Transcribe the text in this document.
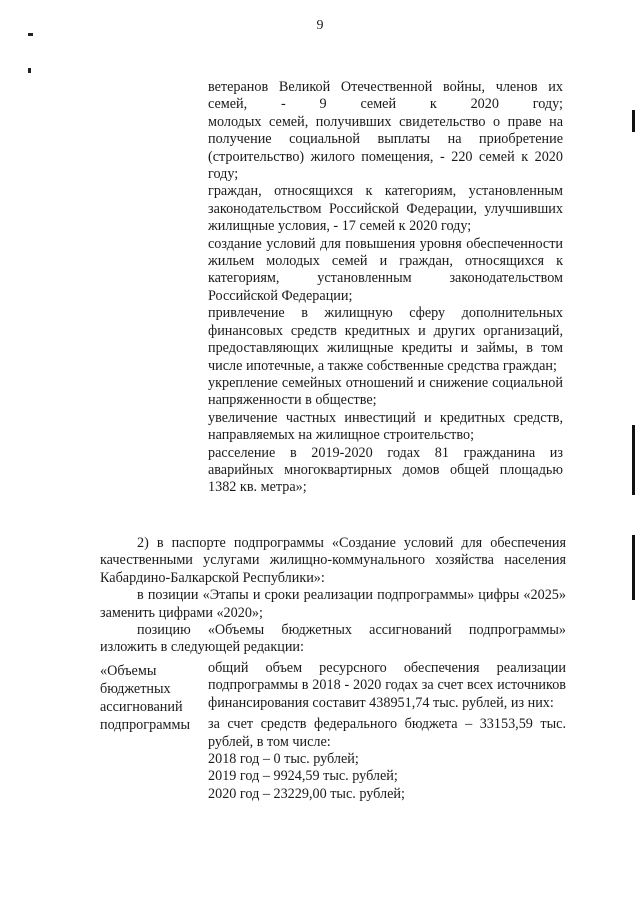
9

ветеранов Великой Отечественной войны, членов их семей, - 9 семей к 2020 году;

молодых семей, получивших свидетельство о праве на получение социальной выплаты на приобретение (строительство) жилого помещения, - 220 семей к 2020 году;

граждан, относящихся к категориям, установленным законодательством Российской Федерации, улучшивших жилищные условия, - 17 семей к 2020 году;

создание условий для повышения уровня обеспеченности жильем молодых семей и граждан, относящихся к категориям, установленным законодательством Российской Федерации;

привлечение в жилищную сферу дополнительных финансовых средств кредитных и других организаций, предоставляющих жилищные кредиты и займы, в том числе ипотечные, а также собственные средства граждан;

укрепление семейных отношений и снижение социальной напряженности в обществе;

увеличение частных инвестиций и кредитных средств, направляемых на жилищное строительство;

расселение в 2019-2020 годах 81 гражданина из аварийных многоквартирных домов общей площадью 1382 кв. метра»;

2) в паспорте подпрограммы «Создание условий для обеспечения качественными услугами жилищно-коммунального хозяйства населения Кабардино-Балкарской Республики»:

в позиции «Этапы и сроки реализации подпрограммы» цифры «2025» заменить цифрами «2020»;

позицию «Объемы бюджетных ассигнований подпрограммы» изложить в следующей редакции:

«Объемы
бюджетных
ассигнований
подпрограммы

общий объем ресурсного обеспечения реализации подпрограммы в 2018 - 2020 годах за счет всех источников финансирования составит 438951,74 тыс. рублей, из них:

за счет средств федерального бюджета – 33153,59 тыс. рублей, в том числе:

2018 год – 0 тыс. рублей;

2019 год – 9924,59 тыс. рублей;

2020 год – 23229,00 тыс. рублей;
